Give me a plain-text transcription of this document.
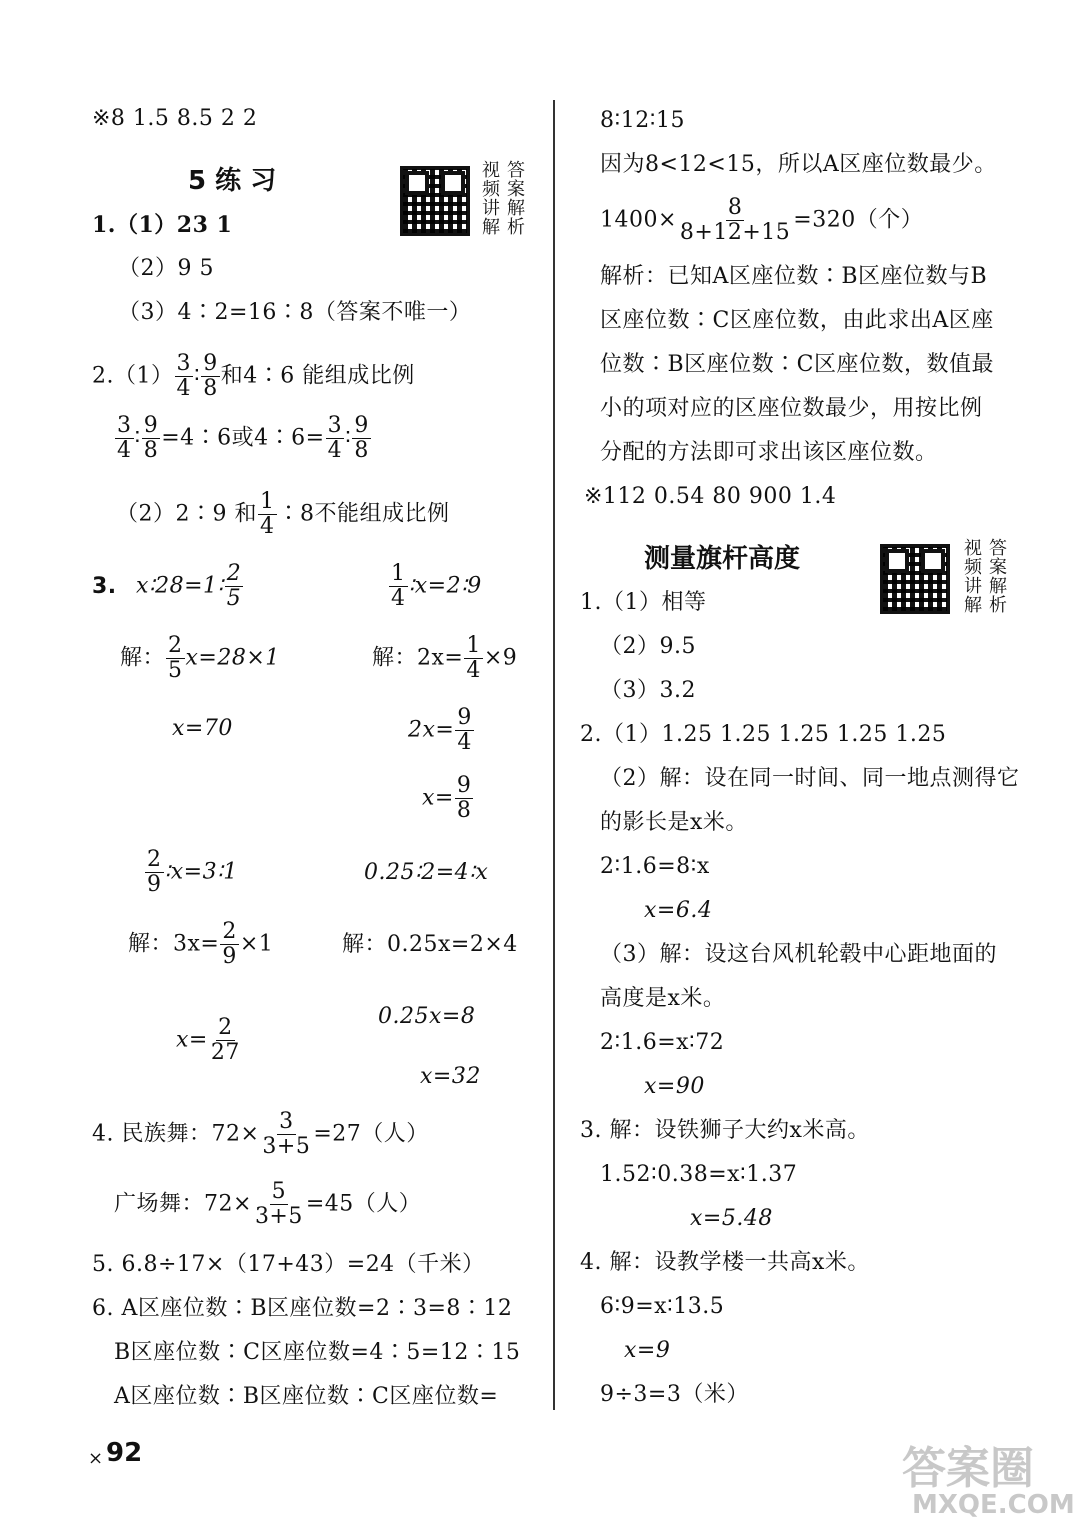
※8 1.5 8.5 2 2
5 练 习	视频讲解 答案解析
1.（1）23 1
（2）9 5
（3）4∶2=16∶8（答案不唯一）
$2.(1) \frac{3}{4}$ ∶ $\frac{9}{8}$ 和4∶6 能组成比例
$\frac{3}{4}$ ∶ $\frac{9}{8}$ =4∶6或4∶6= $\frac{3}{4}$ ∶ $\frac{9}{8}$
（2）2∶9 和 $\frac{1}{4}$ ∶8不能组成比例
3. x∶28=1∶ $\frac{2}{5}$
解： $\frac{2}{5} x=28\times 1$
x=70
$\frac{1}{4}$ ∶x=2∶9
解：$2x= \frac{1}{4} \times 9$
$2x= \frac{9}{4}$
$x= \frac{9}{8}$
$\frac{2}{9}$ ∶x=3∶1
解：$3x= \frac{2}{9} \times 1$
$x= \frac{2}{27}$
0.25∶2=4∶x
解：0.25x=2×4
0.25x=8
x=32
4. 民族舞：$72\times \frac{3}{3+5} =27$（人）
广场舞：$72\times \frac{5}{3+5} =45$（人）
5. 6.8÷17×（17+43）=24（千米）
6. A区座位数∶B区座位数=2∶3=8∶12
B区座位数∶C区座位数=4∶5=12∶15
A区座位数∶B区座位数∶C区座位数=
× 92
8∶12∶15
因为8<12<15，所以A区座位数最少。
$1400\times \frac{8}{8+12+15} =320$（个）
解析：已知A区座位数∶B区座位数与B
区座位数∶C区座位数，由此求出A区座
位数∶B区座位数∶C区座位数，数值最
小的项对应的区座位数最少，用按比例
分配的方法即可求出该区座位数。
※112 0.54 80 900 1.4
测量旗杆高度	视频讲解 答案解析
1.（1）相等
（2）9.5
（3）3.2
2.（1）1.25 1.25 1.25 1.25 1.25
（2）解：设在同一时间、同一地点测得它
的影长是x米。
2∶1.6=8∶x
x=6.4
（3）解：设这台风机轮毂中心距地面的
高度是x米。
2∶1.6=x∶72
x=90
3. 解：设铁狮子大约x米高。
1.52∶0.38=x∶1.37
x=5.48
4. 解：设教学楼一共高x米。
6∶9=x∶13.5
x=9
9÷3=3（米）
答案圈
MXQE.COM
